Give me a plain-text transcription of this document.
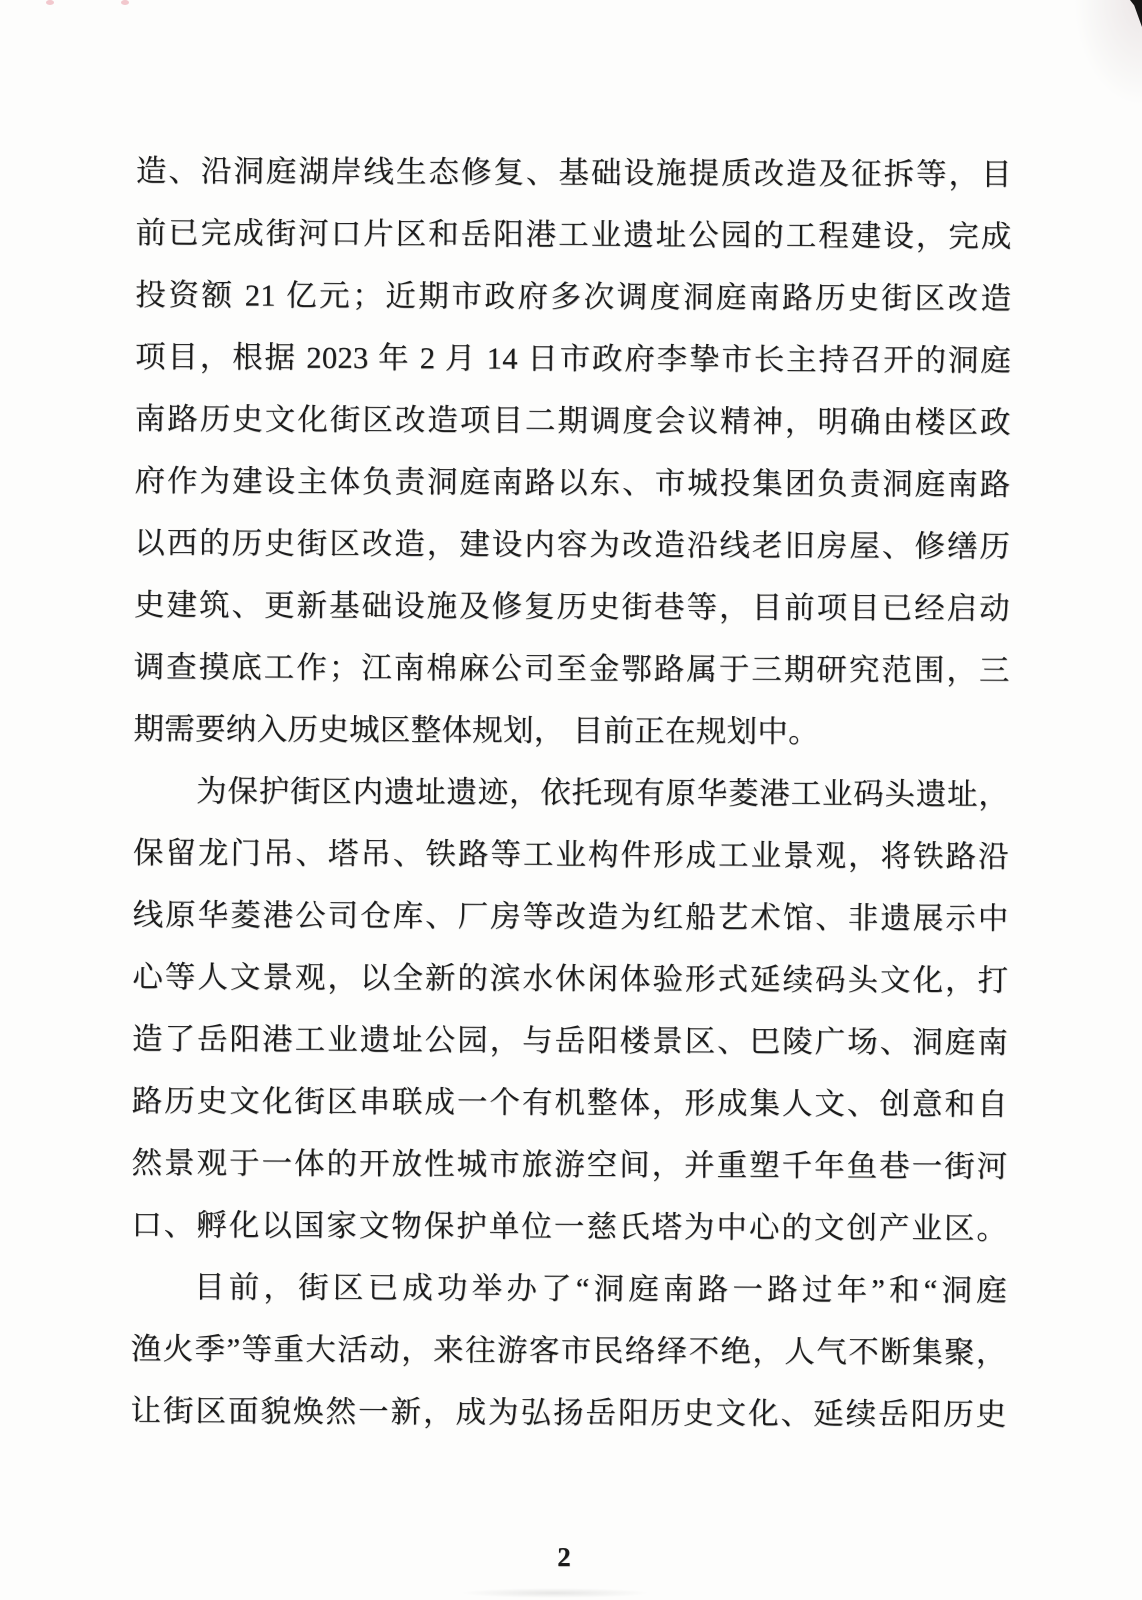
造、沿洞庭湖岸线生态修复、基础设施提质改造及征拆等，目
前已完成街河口片区和岳阳港工业遗址公园的工程建设，完成
投资额 21 亿元；近期市政府多次调度洞庭南路历史街区改造
项目，根据 2023 年 2 月 14 日市政府李挚市长主持召开的洞庭
南路历史文化街区改造项目二期调度会议精神，明确由楼区政
府作为建设主体负责洞庭南路以东、市城投集团负责洞庭南路
以西的历史街区改造，建设内容为改造沿线老旧房屋、修缮历
史建筑、更新基础设施及修复历史街巷等，目前项目已经启动
调查摸底工作；江南棉麻公司至金鄂路属于三期研究范围，三
期需要纳入历史城区整体规划， 目前正在规划中。
为保护街区内遗址遗迹，依托现有原华菱港工业码头遗址，
保留龙门吊、塔吊、铁路等工业构件形成工业景观，将铁路沿
线原华菱港公司仓库、厂房等改造为红船艺术馆、非遗展示中
心等人文景观，以全新的滨水休闲体验形式延续码头文化，打
造了岳阳港工业遗址公园，与岳阳楼景区、巴陵广场、洞庭南
路历史文化街区串联成一个有机整体，形成集人文、创意和自
然景观于一体的开放性城市旅游空间，并重塑千年鱼巷一街河
口、孵化以国家文物保护单位一慈氏塔为中心的文创产业区。
目前，街区已成功举办了“洞庭南路一路过年”和“洞庭
渔火季”等重大活动，来往游客市民络绎不绝，人气不断集聚，
让街区面貌焕然一新，成为弘扬岳阳历史文化、延续岳阳历史
2
